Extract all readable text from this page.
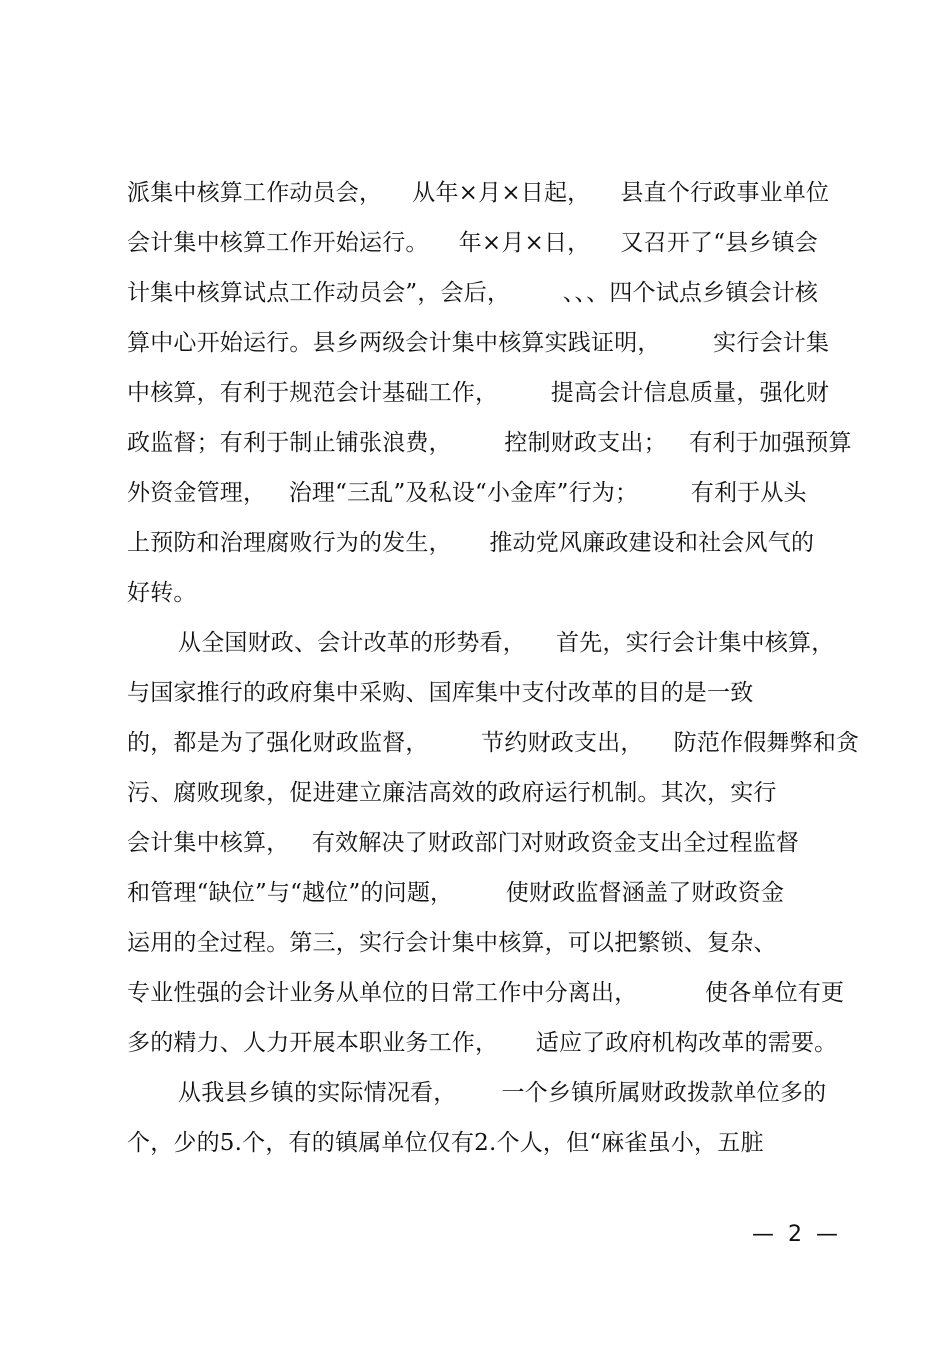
派集中核算工作动员会，    从年×月×日起，    县直个行政事业单位
会计集中核算工作开始运行。    年×月×日，    又召开了“县乡镇会
计集中核算试点工作动员会”，会后，       、、、四个试点乡镇会计核
算中心开始运行。县乡两级会计集中核算实践证明，       实行会计集
中核算，有利于规范会计基础工作，       提高会计信息质量，强化财
政监督；有利于制止铺张浪费，       控制财政支出；   有利于加强预算
外资金管理，   治理“三乱”及私设“小金库”行为；       有利于从头
上预防和治理腐败行为的发生，     推动党风廉政建设和社会风气的
好转。
从全国财政、会计改革的形势看，    首先，实行会计集中核算，
与国家推行的政府集中采购、国库集中支付改革的目的是一致
的，都是为了强化财政监督，       节约财政支出，    防范作假舞弊和贪
污、腐败现象，促进建立廉洁高效的政府运行机制。其次，实行
会计集中核算，   有效解决了财政部门对财政资金支出全过程监督
和管理“缺位”与“越位”的问题，       使财政监督涵盖了财政资金
运用的全过程。第三，实行会计集中核算，可以把繁锁、复杂、
专业性强的会计业务从单位的日常工作中分离出，         使各单位有更
多的精力、人力开展本职业务工作，     适应了政府机构改革的需要。
从我县乡镇的实际情况看，      一个乡镇所属财政拨款单位多的
个，少的5.个，有的镇属单位仅有2.个人，但“麻雀虽小，五脏
—  2  —
